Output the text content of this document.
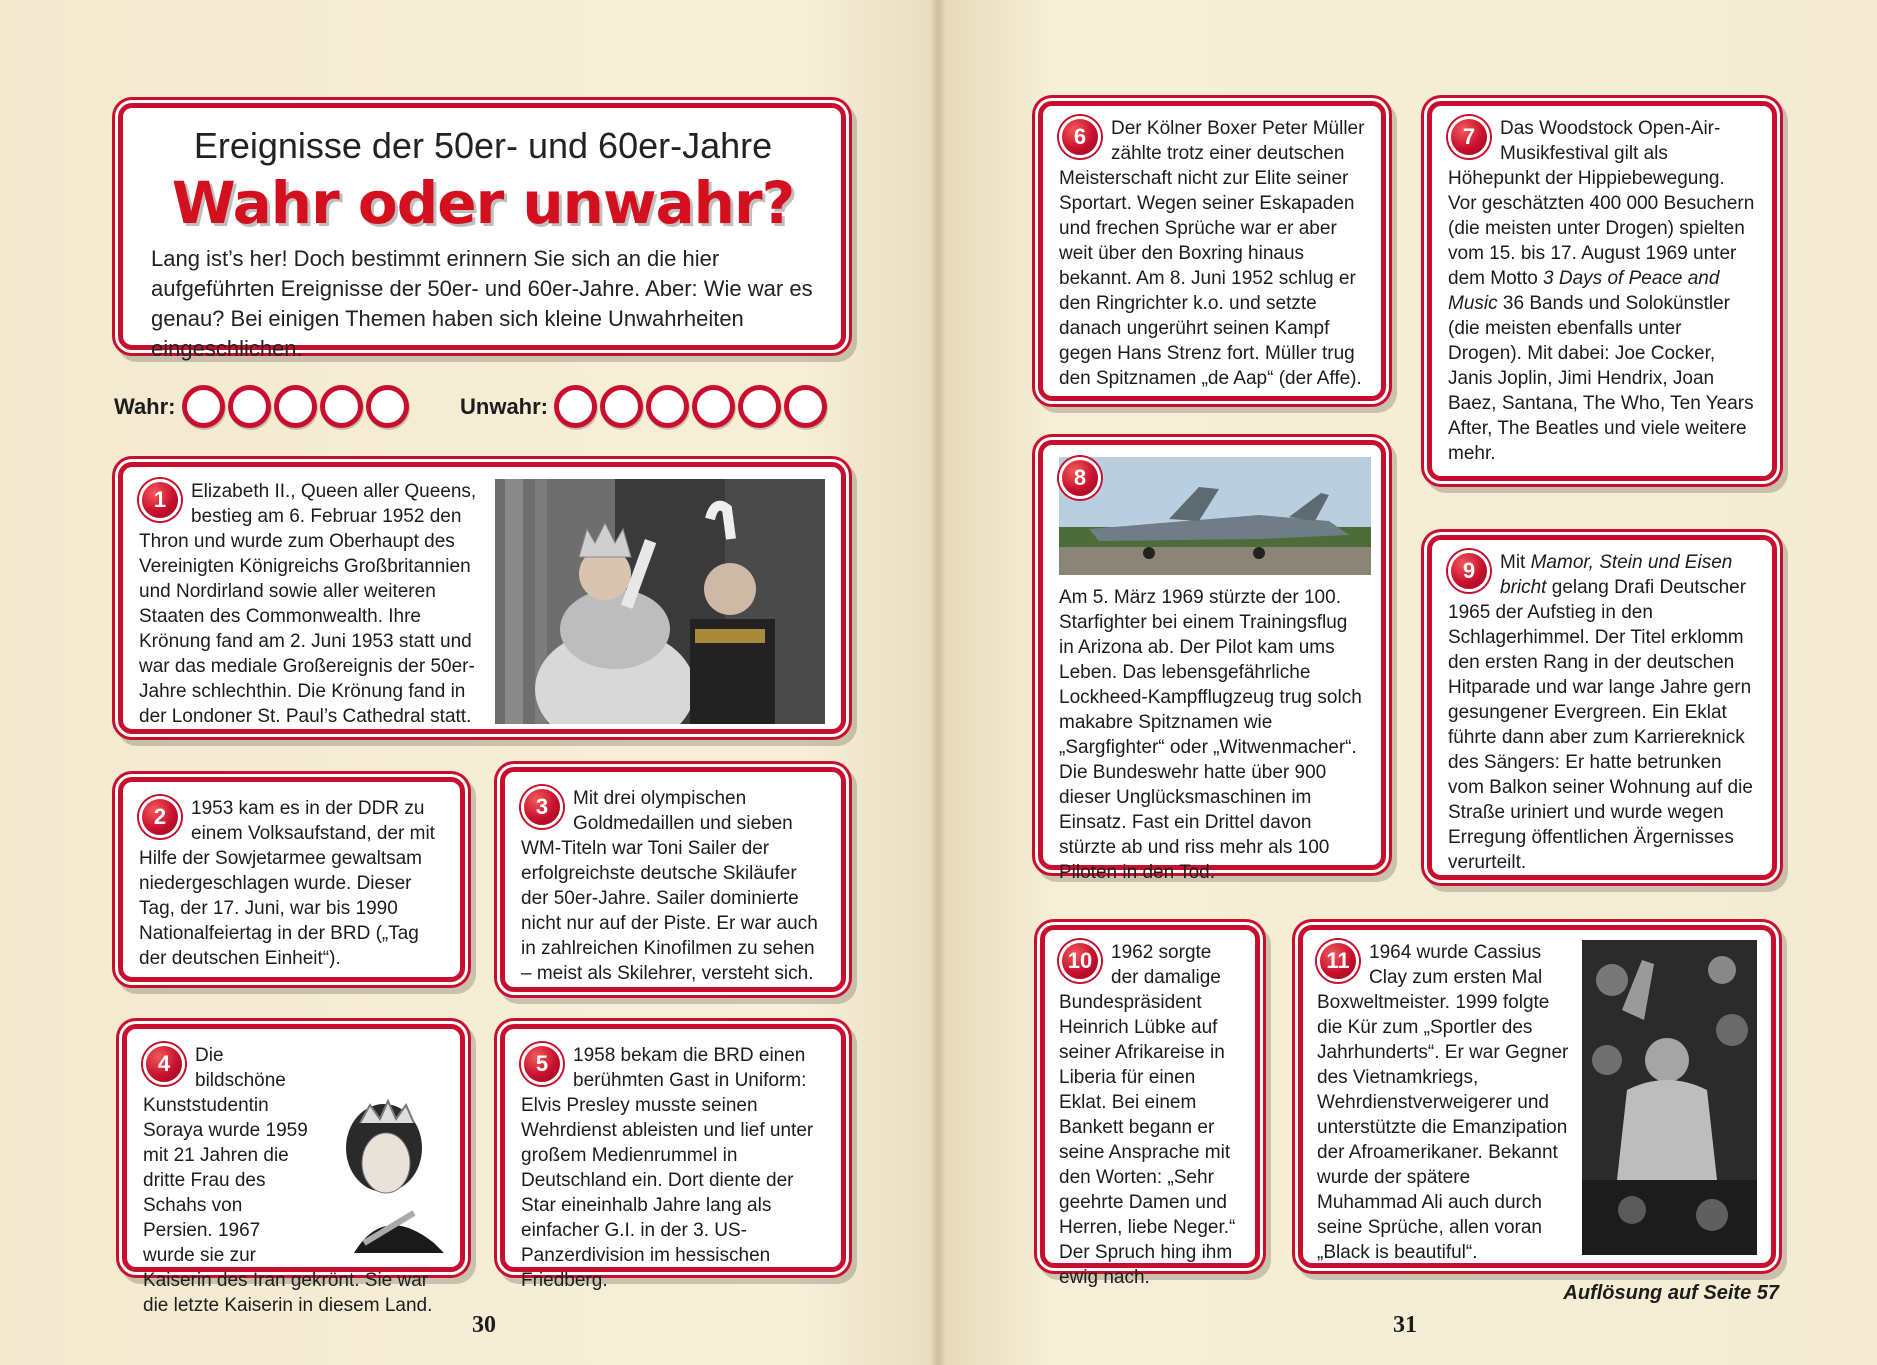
Ereignisse der 50er- und 60er-Jahre
Wahr oder unwahr?

Lang ist’s her! Doch bestimmt erinnern Sie sich an die hier aufgeführten Ereignisse der 50er- und 60er-Jahre. Aber: Wie war es genau? Bei einigen Themen haben sich kleine Unwahrheiten eingeschlichen.

Wahr:	Unwahr:
1	Elizabeth II., Queen aller Queens, bestieg am 6. Februar 1952 den Thron und wurde zum Oberhaupt des Vereinigten Königreichs Großbritannien und Nordirland sowie aller weiteren Staaten des Commonwealth. Ihre Krönung fand am 2. Juni 1953 statt und war das mediale Großereignis der 50er-Jahre schlechthin. Die Krönung fand in der Londoner St. Paul’s Cathedral statt.

2	1953 kam es in der DDR zu einem Volksaufstand, der mit Hilfe der Sowjetarmee gewaltsam niedergeschlagen wurde. Dieser Tag, der 17. Juni, war bis 1990 Nationalfeiertag in der BRD („Tag der deutschen Einheit“).

3	Mit drei olympischen Goldmedaillen und sieben WM-Titeln war Toni Sailer der erfolgreichste deutsche Skiläufer der 50er-Jahre. Sailer dominierte nicht nur auf der Piste. Er war auch in zahlreichen Kinofilmen zu sehen – meist als Skilehrer, versteht sich.

4	Die bildschöne Kunststudentin Soraya wurde 1959 mit 21 Jahren die dritte Frau des Schahs von Persien. 1967 wurde sie zur Kaiserin des Iran gekrönt. Sie war die letzte Kaiserin in diesem Land.

5	1958 bekam die BRD einen berühmten Gast in Uniform: Elvis Presley musste seinen Wehrdienst ableisten und lief unter großem Medienrummel in Deutschland ein. Dort diente der Star eineinhalb Jahre lang als einfacher G.I. in der 3. US-Panzerdivision im hessischen Friedberg.

6	Der Kölner Boxer Peter Müller zählte trotz einer deutschen Meisterschaft nicht zur Elite seiner Sportart. Wegen seiner Eskapaden und frechen Sprüche war er aber weit über den Boxring hinaus bekannt. Am 8. Juni 1952 schlug er den Ringrichter k.o. und setzte danach ungerührt seinen Kampf gegen Hans Strenz fort. Müller trug den Spitznamen „de Aap“ (der Affe).

7	Das Woodstock Open-Air-Musikfestival gilt als Höhepunkt der Hippiebewegung. Vor geschätzten 400 000 Besuchern (die meisten unter Drogen) spielten vom 15. bis 17. August 1969 unter dem Motto 3 Days of Peace and Music 36 Bands und Solokünstler (die meisten ebenfalls unter Drogen). Mit dabei: Joe Cocker, Janis Joplin, Jimi Hendrix, Joan Baez, Santana, The Who, Ten Years After, The Beatles und viele weitere mehr.

8

Am 5. März 1969 stürzte der 100. Starfighter bei einem Trainingsflug in Arizona ab. Der Pilot kam ums Leben. Das lebensgefährliche Lockheed-Kampfflugzeug trug solch makabre Spitznamen wie „Sargfighter“ oder „Witwenmacher“. Die Bundeswehr hatte über 900 dieser Unglücksmaschinen im Einsatz. Fast ein Drittel davon stürzte ab und riss mehr als 100 Piloten in den Tod.

9	Mit Mamor, Stein und Eisen bricht gelang Drafi Deutscher 1965 der Aufstieg in den Schlagerhimmel. Der Titel erklomm den ersten Rang in der deutschen Hitparade und war lange Jahre gern gesungener Evergreen. Ein Eklat führte dann aber zum Karriereknick des Sängers: Er hatte betrunken vom Balkon seiner Wohnung auf die Straße uriniert und wurde wegen Erregung öffentlichen Ärgernisses verurteilt.

10 1962 sorgte der damalige Bundespräsident Heinrich Lübke auf seiner Afrikareise in Liberia für einen Eklat. Bei einem Bankett begann er seine Ansprache mit den Worten: „Sehr geehrte Damen und Herren, liebe Neger.“ Der Spruch hing ihm ewig nach.

11	1964 wurde Cassius Clay zum ersten Mal Boxweltmeister. 1999 folgte die Kür zum „Sportler des Jahrhunderts“. Er war Gegner des Vietnamkriegs, Wehrdienstverweigerer und unterstützte die Emanzipation der Afroamerikaner. Bekannt wurde der spätere Muhammad Ali auch durch seine Sprüche, allen voran „Black is beautiful“.

Auflösung auf Seite 57
30	31
